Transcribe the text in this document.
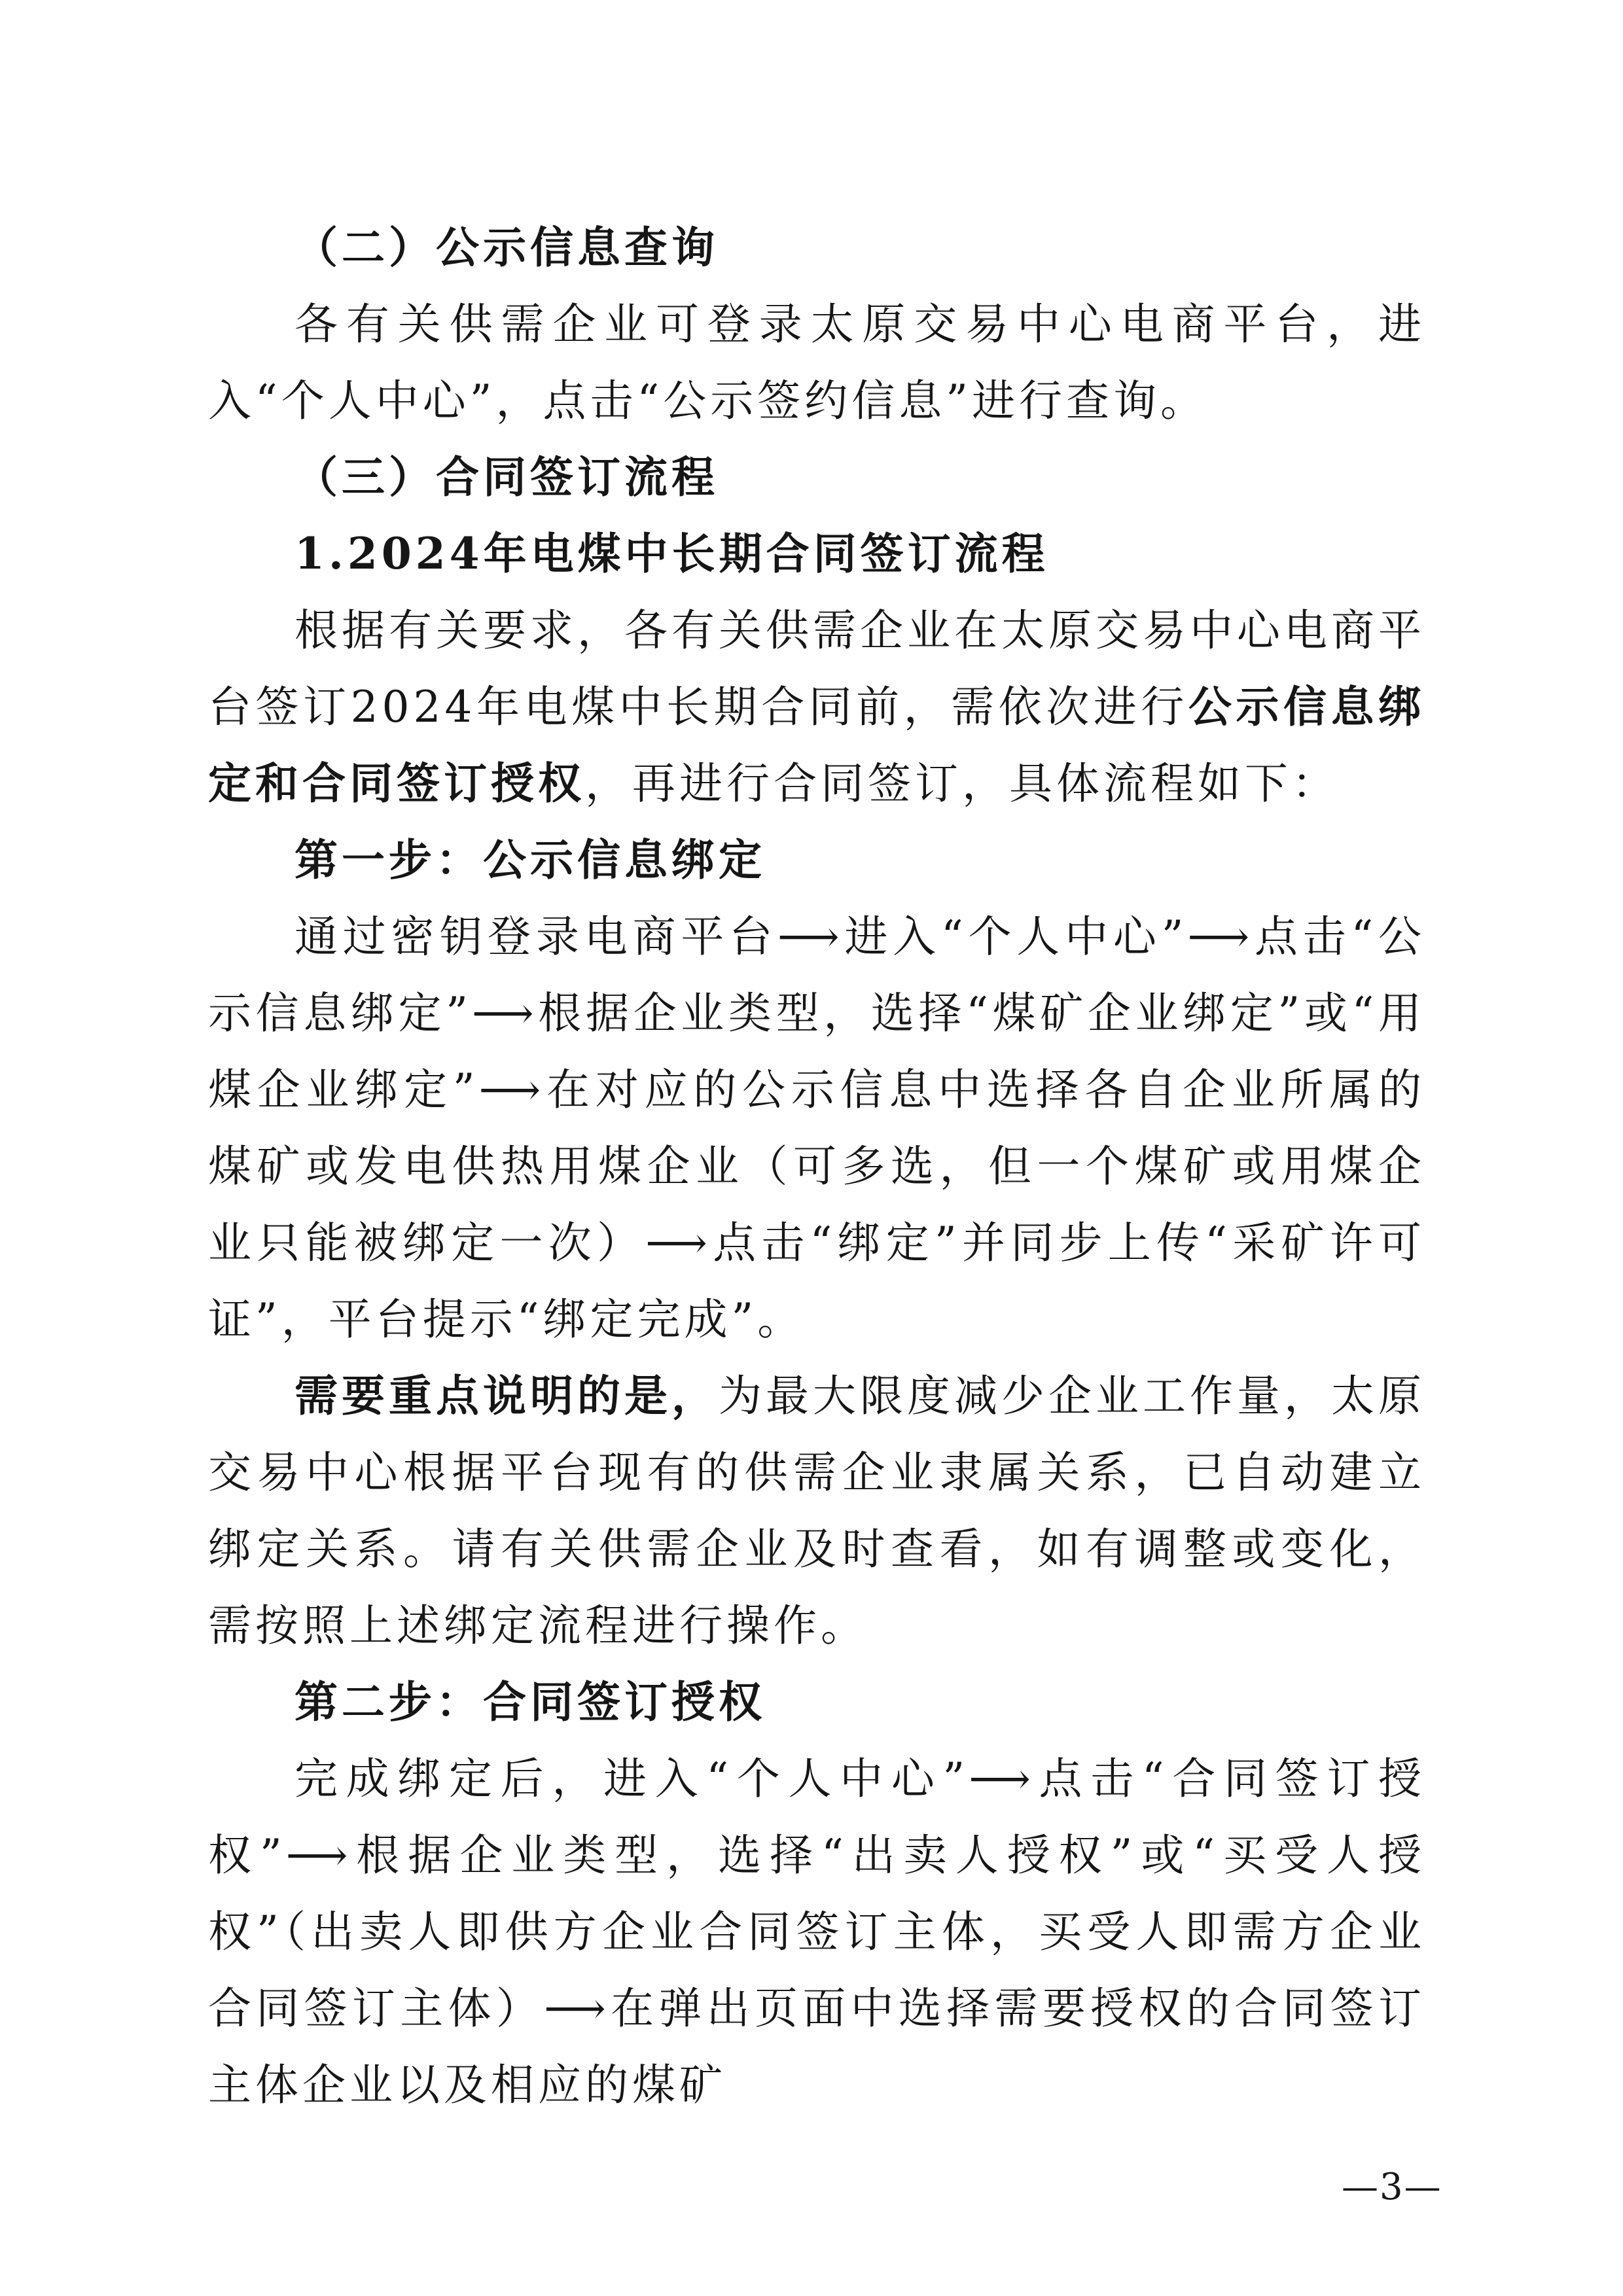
（二）公示信息查询

各有关供需企业可登录太原交易中心电商平台，进入“个人中心”，点击“公示签约信息”进行查询。

（三）合同签订流程

1.2024年电煤中长期合同签订流程

根据有关要求，各有关供需企业在太原交易中心电商平台签订2024年电煤中长期合同前，需依次进行公示信息绑定和合同签订授权，再进行合同签订，具体流程如下：

第一步：公示信息绑定

通过密钥登录电商平台⟶进入“个人中心”⟶点击“公示信息绑定”⟶根据企业类型，选择“煤矿企业绑定”或“用煤企业绑定”⟶在对应的公示信息中选择各自企业所属的煤矿或发电供热用煤企业（可多选，但一个煤矿或用煤企业只能被绑定一次）⟶点击“绑定”并同步上传“采矿许可证”，平台提示“绑定完成”。

需要重点说明的是，为最大限度减少企业工作量，太原交易中心根据平台现有的供需企业隶属关系，已自动建立绑定关系。请有关供需企业及时查看，如有调整或变化，需按照上述绑定流程进行操作。

第二步：合同签订授权

完成绑定后，进入“个人中心”⟶点击“合同签订授权”⟶根据企业类型，选择“出卖人授权”或“买受人授权”（出卖人即供方企业合同签订主体，买受人即需方企业合同签订主体）⟶在弹出页面中选择需要授权的合同签订主体企业以及相应的煤矿

—3—
